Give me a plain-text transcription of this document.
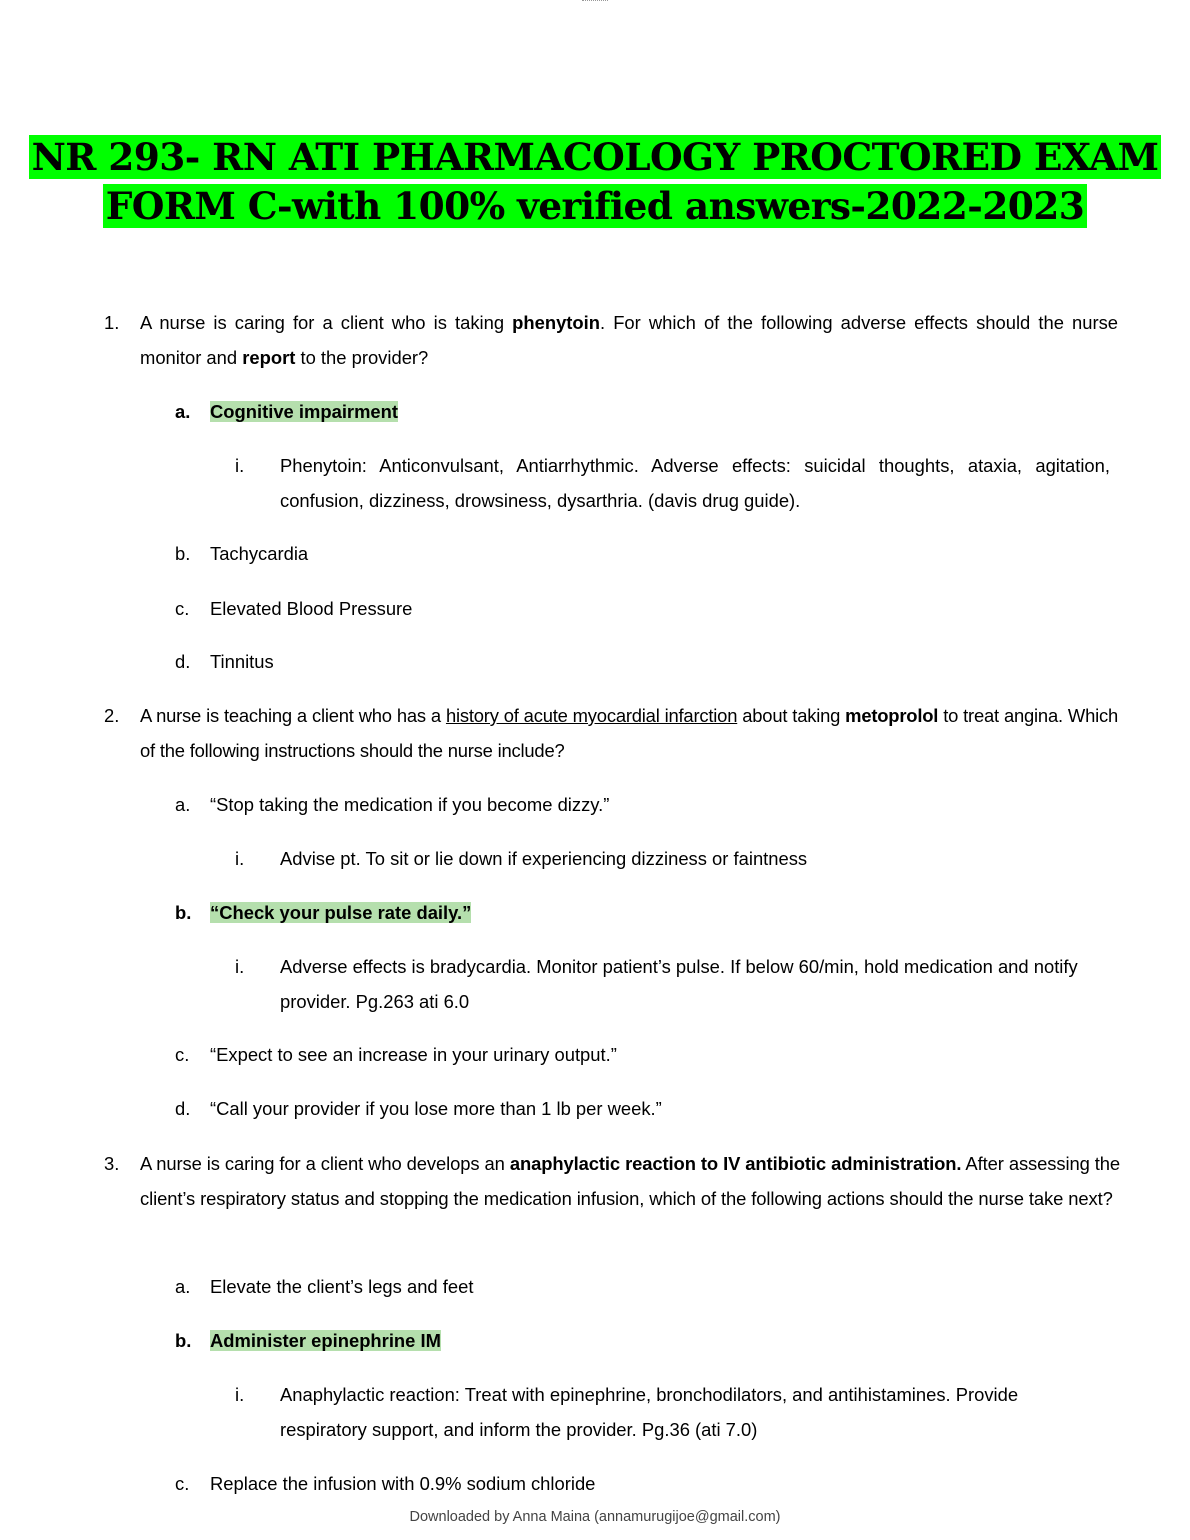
NR 293- RN ATI PHARMACOLOGY PROCTORED EXAM
FORM C-with 100% verified answers-2022-2023
1. A nurse is caring for a client who is taking phenytoin. For which of the following adverse effects should the nurse monitor and report to the provider?
a. Cognitive impairment
i. Phenytoin: Anticonvulsant, Antiarrhythmic. Adverse effects: suicidal thoughts, ataxia, agitation, confusion, dizziness, drowsiness, dysarthria. (davis drug guide).
b. Tachycardia
c. Elevated Blood Pressure
d. Tinnitus
2. A nurse is teaching a client who has a history of acute myocardial infarction about taking metoprolol to treat angina. Which of the following instructions should the nurse include?
a. “Stop taking the medication if you become dizzy.”
i. Advise pt. To sit or lie down if experiencing dizziness or faintness
b. “Check your pulse rate daily.”
i. Adverse effects is bradycardia. Monitor patient’s pulse. If below 60/min, hold medication and notify provider. Pg.263 ati 6.0
c. “Expect to see an increase in your urinary output.”
d. “Call your provider if you lose more than 1 lb per week.”
3. A nurse is caring for a client who develops an anaphylactic reaction to IV antibiotic administration. After assessing the client’s respiratory status and stopping the medication infusion, which of the following actions should the nurse take next?
a. Elevate the client’s legs and feet
b. Administer epinephrine IM
i. Anaphylactic reaction: Treat with epinephrine, bronchodilators, and antihistamines. Provide respiratory support, and inform the provider. Pg.36 (ati 7.0)
c. Replace the infusion with 0.9% sodium chloride
Downloaded by Anna Maina (annamurugijoe@gmail.com)
